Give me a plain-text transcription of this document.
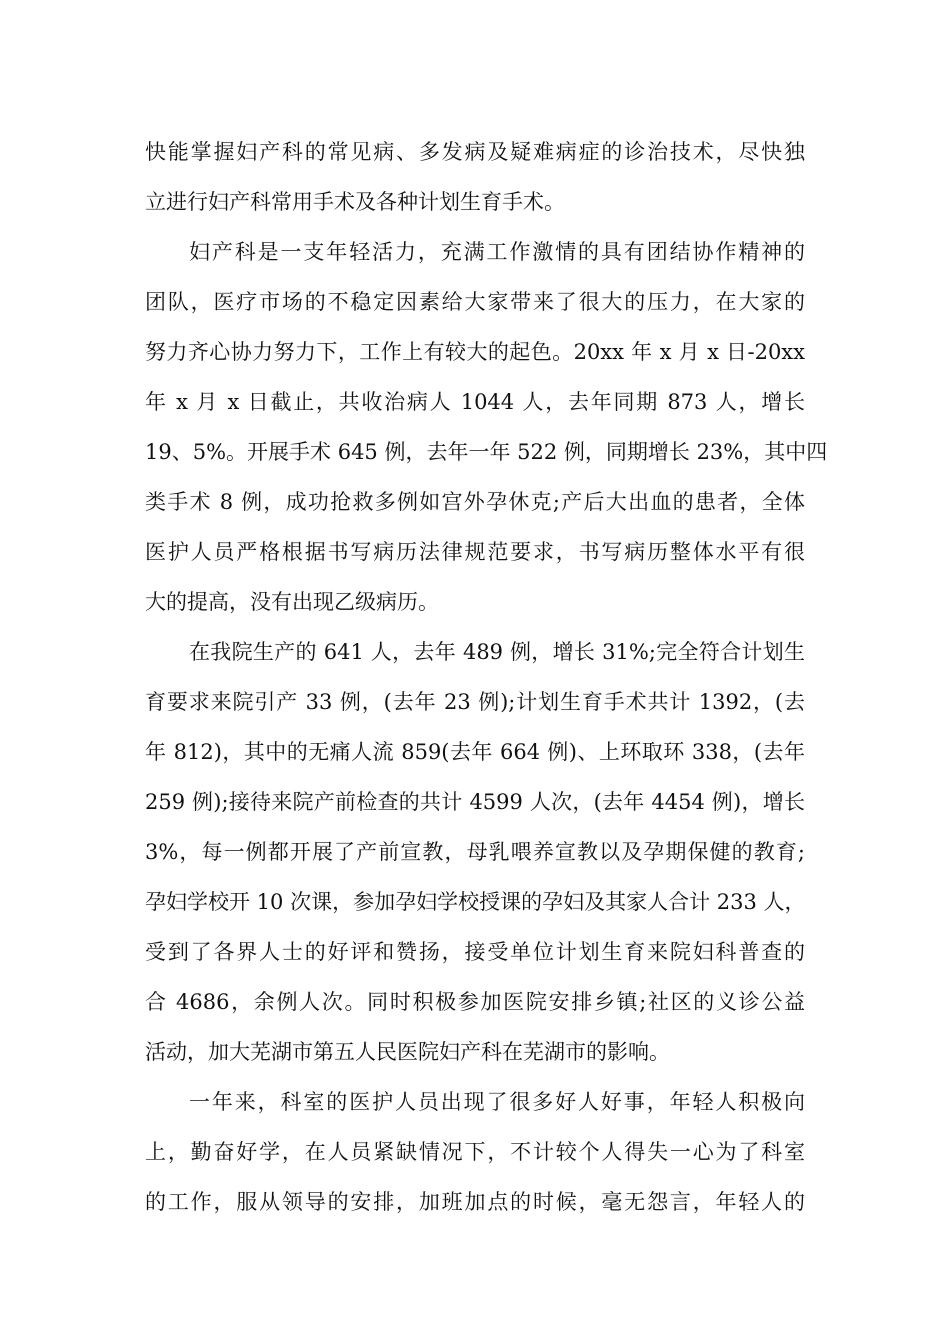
快能掌握妇产科的常见病、多发病及疑难病症的诊治技术，尽快独
立进行妇产科常用手术及各种计划生育手术。
妇产科是一支年轻活力，充满工作激情的具有团结协作精神的
团队，医疗市场的不稳定因素给大家带来了很大的压力，在大家的
努力齐心协力努力下，工作上有较大的起色。20xx 年 x 月 x 日-20xx
年 x 月 x 日截止，共收治病人 1044 人，去年同期 873 人，增长
19、5%。开展手术 645 例，去年一年 522 例，同期增长 23%，其中四
类手术 8 例，成功抢救多例如宫外孕休克;产后大出血的患者，全体
医护人员严格根据书写病历法律规范要求，书写病历整体水平有很
大的提高，没有出现乙级病历。
在我院生产的 641 人，去年 489 例，增长 31%;完全符合计划生
育要求来院引产 33 例，(去年 23 例);计划生育手术共计 1392，(去
年 812)，其中的无痛人流 859(去年 664 例)、上环取环 338，(去年
259 例);接待来院产前检查的共计 4599 人次，(去年 4454 例)，增长
3%，每一例都开展了产前宣教，母乳喂养宣教以及孕期保健的教育;
孕妇学校开 10 次课，参加孕妇学校授课的孕妇及其家人合计 233 人，
受到了各界人士的好评和赞扬，接受单位计划生育来院妇科普查的
合 4686，余例人次。同时积极参加医院安排乡镇;社区的义诊公益
活动，加大芜湖市第五人民医院妇产科在芜湖市的影响。
一年来，科室的医护人员出现了很多好人好事，年轻人积极向
上，勤奋好学，在人员紧缺情况下，不计较个人得失一心为了科室
的工作，服从领导的安排，加班加点的时候，毫无怨言，年轻人的
